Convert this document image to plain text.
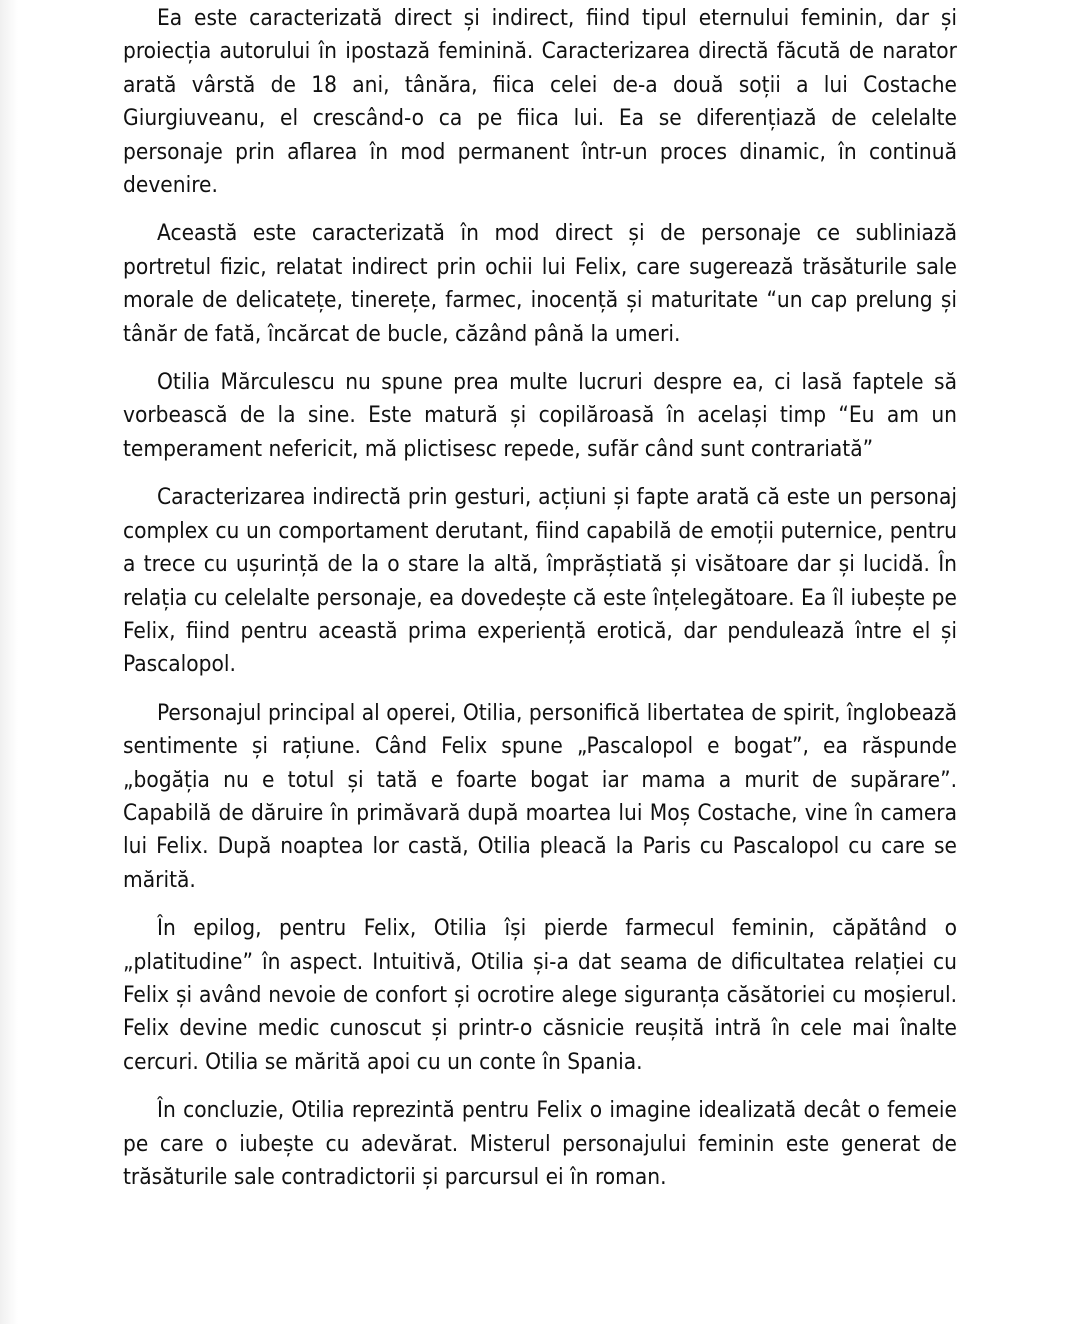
Ea este caracterizată direct și indirect, fiind tipul eternului feminin, dar și proiecția autorului în ipostază feminină. Caracterizarea directă făcută de narator arată vârstă de 18 ani, tânăra, fiica celei de-a două soții a lui Costache Giurgiuveanu, el crescând-o ca pe fiica lui. Ea se diferențiază de celelalte personaje prin aflarea în mod permanent într-un proces dinamic, în continuă devenire.

Această este caracterizată în mod direct și de personaje ce subliniază portretul fizic, relatat indirect prin ochii lui Felix, care sugerează trăsăturile sale morale de delicatețe, tinerețe, farmec, inocență și maturitate “un cap prelung și tânăr de fată, încărcat de bucle, căzând până la umeri.

Otilia Mărculescu nu spune prea multe lucruri despre ea, ci lasă faptele să vorbească de la sine. Este matură și copilăroasă în același timp “Eu am un temperament nefericit, mă plictisesc repede, sufăr când sunt contrariată”

Caracterizarea indirectă prin gesturi, acțiuni și fapte arată că este un personaj complex cu un comportament derutant, fiind capabilă de emoții puternice, pentru a trece cu ușurință de la o stare la altă, împrăștiată și visătoare dar și lucidă. În relația cu celelalte personaje, ea dovedește că este înțelegătoare. Ea îl iubește pe Felix, fiind pentru această prima experiență erotică, dar pendulează între el și Pascalopol.

Personajul principal al operei, Otilia, personifică libertatea de spirit, înglobează sentimente și rațiune. Când Felix spune „Pascalopol e bogat”, ea răspunde „bogăția nu e totul și tată e foarte bogat iar mama a murit de supărare”. Capabilă de dăruire în primăvară după moartea lui Moș Costache, vine în camera lui Felix. După noaptea lor castă, Otilia pleacă la Paris cu Pascalopol cu care se mărită.

În epilog, pentru Felix, Otilia își pierde farmecul feminin, căpătând o „platitudine” în aspect. Intuitivă, Otilia și-a dat seama de dificultatea relației cu Felix și având nevoie de confort și ocrotire alege siguranța căsătoriei cu moșierul. Felix devine medic cunoscut și printr-o căsnicie reușită intră în cele mai înalte cercuri. Otilia se mărită apoi cu un conte în Spania.

În concluzie, Otilia reprezintă pentru Felix o imagine idealizată decât o femeie pe care o iubește cu adevărat. Misterul personajului feminin este generat de trăsăturile sale contradictorii și parcursul ei în roman.
